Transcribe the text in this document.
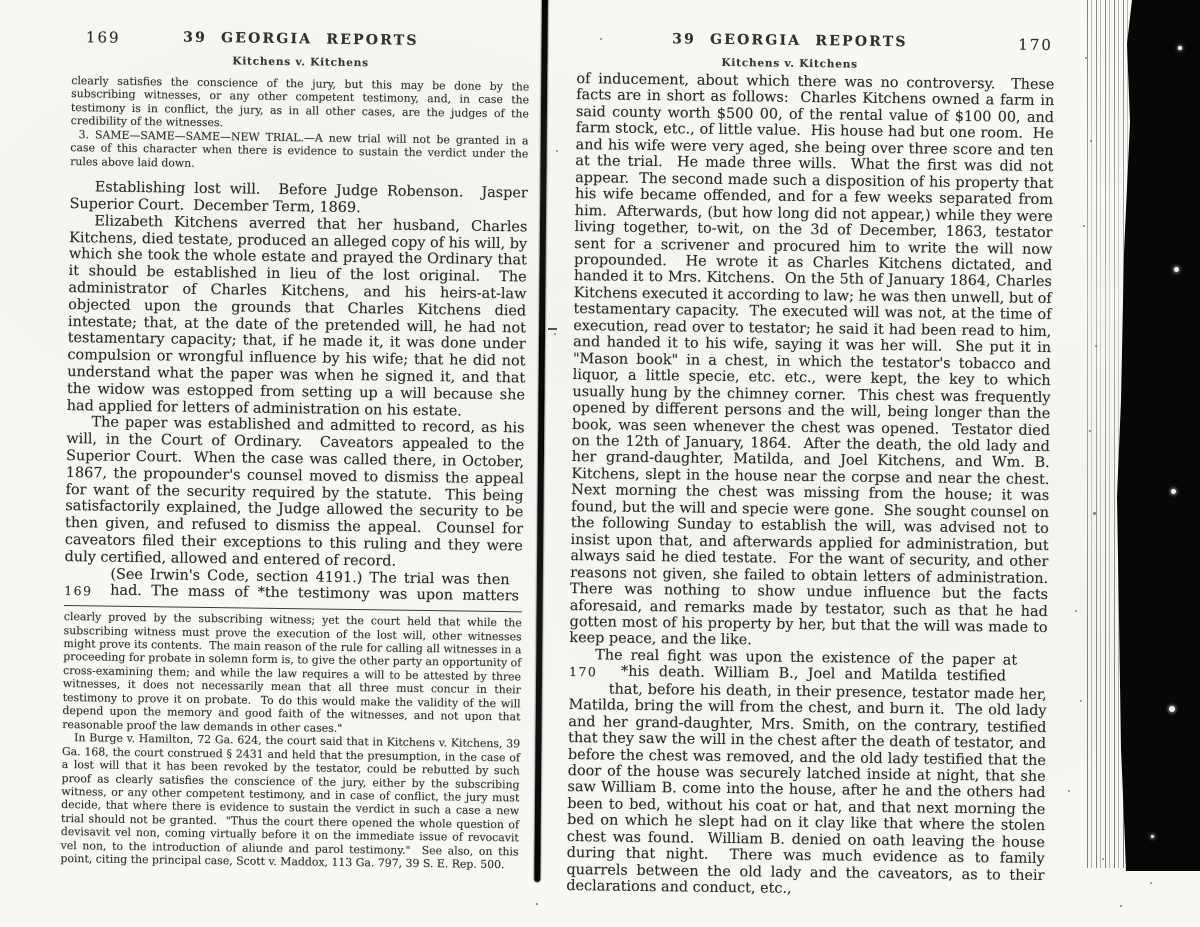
169	39 GEORGIA REPORTS
Kitchens v. Kitchens

clearly satisfies the conscience of the jury, but this may be done by the subscribing witnesses, or any other competent testimony, and, in case the testimony is in conflict, the jury, as in all other cases, are the judges of the credibility of the witnesses.

3. SAME—SAME—SAME—NEW TRIAL.—A new trial will not be granted in a case of this character when there is evidence to sustain the verdict under the rules above laid down.

Establishing lost will.  Before Judge Robenson.  Jasper Superior Court.  December Term, 1869.

Elizabeth Kitchens averred that her husband, Charles Kitchens, died testate, produced an alleged copy of his will, by which she took the whole estate and prayed the Ordinary that it should be established in lieu of the lost original.  The administrator of Charles Kitchens, and his heirs-at-law objected upon the grounds that Charles Kitchens died intestate; that, at the date of the pretended will, he had not testamentary capacity; that, if he made it, it was done under compulsion or wrongful influence by his wife; that he did not understand what the paper was when he signed it, and that the widow was estopped from setting up a will because she had applied for letters of administration on his estate.

The paper was established and admitted to record, as his will, in the Court of Ordinary.  Caveators appealed to the Superior Court.  When the case was called there, in October, 1867, the propounder's counsel moved to dismiss the appeal for want of the security required by the statute.  This being satisfactorily explained, the Judge allowed the security to be then given, and refused to dismiss the appeal.  Counsel for caveators filed their exceptions to this ruling and they were duly certified, allowed and entered of record.

(See Irwin's Code, section 4191.) The trial was then
169	had. The mass of *the testimony was upon matters

clearly proved by the subscribing witness; yet the court held that while the subscribing witness must prove the execution of the lost will, other witnesses might prove its contents.  The main reason of the rule for calling all witnesses in a proceeding for probate in solemn form is, to give the other party an opportunity of cross-examining them; and while the law requires a will to be attested by three witnesses, it does not necessarily mean that all three must concur in their testimony to prove it on probate.  To do this would make the validity of the will depend upon the memory and good faith of the witnesses, and not upon that reasonable proof the law demands in other cases."

In Burge v. Hamilton, 72 Ga. 624, the court said that in Kitchens v. Kitchens, 39 Ga. 168, the court construed § 2431 and held that the presumption, in the case of a lost will that it has been revoked by the testator, could be rebutted by such proof as clearly satisfies the conscience of the jury, either by the subscribing witness, or any other competent testimony, and in case of conflict, the jury must decide, that where there is evidence to sustain the verdict in such a case a new trial should not be granted.  "Thus the court there opened the whole question of devisavit vel non, coming virtually before it on the immediate issue of revocavit vel non, to the introduction of aliunde and parol testimony."  See also, on this point, citing the principal case, Scott v. Maddox, 113 Ga. 797, 39 S. E. Rep. 500.

39 GEORGIA REPORTS	170
Kitchens v. Kitchens

of inducement, about which there was no controversy.  These facts are in short as follows:  Charles Kitchens owned a farm in said county worth $500 00, of the rental value of $100 00, and farm stock, etc., of little value.  His house had but one room.  He and his wife were very aged, she being over three score and ten at the trial.  He made three wills.  What the first was did not appear.  The second made such a disposition of his property that his wife became offended, and for a few weeks separated from him.  Afterwards, (but how long did not appear,) while they were living together, to-wit, on the 3d of December, 1863, testator sent for a scrivener and procured him to write the will now propounded.  He wrote it as Charles Kitchens dictated, and handed it to Mrs. Kitchens.  On the 5th of January 1864, Charles Kitchens executed it according to law; he was then unwell, but of testamentary capacity.  The executed will was not, at the time of execution, read over to testator; he said it had been read to him, and handed it to his wife, saying it was her will.  She put it in "Mason book" in a chest, in which the testator's tobacco and liquor, a little specie, etc. etc., were kept, the key to which usually hung by the chimney corner.  This chest was frequently opened by different persons and the will, being longer than the book, was seen whenever the chest was opened.  Testator died on the 12th of January, 1864.  After the death, the old lady and her grand-daughter, Matilda, and Joel Kitchens, and Wm. B. Kitchens, slept in the house near the corpse and near the chest.  Next morning the chest was missing from the house; it was found, but the will and specie were gone.  She sought counsel on the following Sunday to establish the will, was advised not to insist upon that, and afterwards applied for administration, but always said he died testate.  For the want of security, and other reasons not given, she failed to obtain letters of administration.  There was nothing to show undue influence but the facts aforesaid, and remarks made by testator, such as that he had gotten most of his property by her, but that the will was made to keep peace, and the like.

The real fight was upon the existence of the paper at
170	*his death. William B., Joel and Matilda testified

that, before his death, in their presence, testator made her, Matilda, bring the will from the chest, and burn it.  The old lady and her grand-daughter, Mrs. Smith, on the contrary, testified that they saw the will in the chest after the death of testator, and before the chest was removed, and the old lady testified that the door of the house was securely latched inside at night, that she saw William B. come into the house, after he and the others had been to bed, without his coat or hat, and that next morning the bed on which he slept had on it clay like that where the stolen chest was found.  William B. denied on oath leaving the house during that night.  There was much evidence as to family quarrels between the old lady and the caveators, as to their declarations and conduct, etc.,
